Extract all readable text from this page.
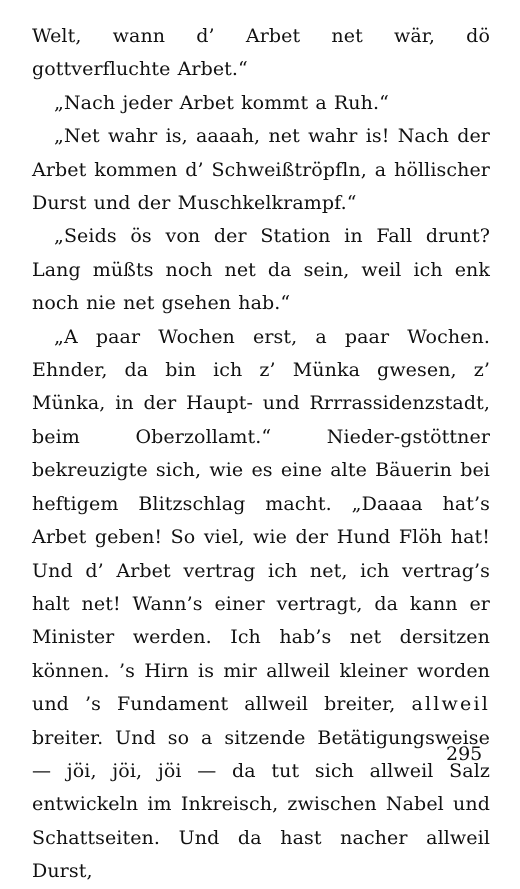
Welt, wann d’ Arbet net wär, dö gottverfluchte Arbet.“

„Nach jeder Arbet kommt a Ruh.“

„Net wahr is, aaaah, net wahr is! Nach der Arbet kommen d’ Schweißtröpfln, a höllischer Durst und der Muschkelkrampf.“

„Seids ös von der Station in Fall drunt? Lang müßts noch net da sein, weil ich enk noch nie net gsehen hab.“

„A paar Wochen erst, a paar Wochen. Ehnder, da bin ich z’ Münka gwesen, z’ Münka, in der Haupt- und Rrrrassidenzstadt, beim Oberzollamt.“ Nieder-gstöttner bekreuzigte sich, wie es eine alte Bäuerin bei heftigem Blitzschlag macht. „Daaaa hat’s Arbet geben! So viel, wie der Hund Flöh hat! Und d’ Arbet vertrag ich net, ich vertrag’s halt net! Wann’s einer vertragt, da kann er Minister werden. Ich hab’s net dersitzen können. ’s Hirn is mir allweil kleiner worden und ’s Fundament allweil breiter, allweil breiter. Und so a sitzende Betätigungsweise — jöi, jöi, jöi — da tut sich allweil Salz entwickeln im Inkreisch, zwischen Nabel und Schattseiten. Und da hast nacher allweil Durst,

295
